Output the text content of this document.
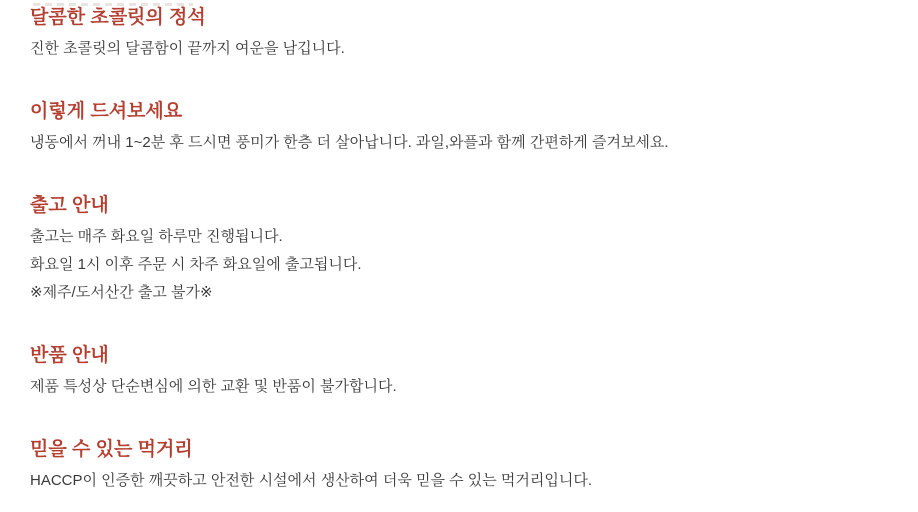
달콤한 초콜릿의 정석

진한 초콜릿의 달콤함이 끝까지 여운을 남깁니다.

이렇게 드셔보세요

냉동에서 꺼내 1~2분 후 드시면 풍미가 한층 더 살아납니다. 과일,와플과 함께 간편하게 즐겨보세요.

출고 안내

출고는 매주 화요일 하루만 진행됩니다.

화요일 1시 이후 주문 시 차주 화요일에 출고됩니다.

※제주/도서산간 출고 불가※

반품 안내

제품 특성상 단순변심에 의한 교환 및 반품이 불가합니다.

믿을 수 있는 먹거리

HACCP이 인증한 깨끗하고 안전한 시설에서 생산하여 더욱 믿을 수 있는 먹거리입니다.
